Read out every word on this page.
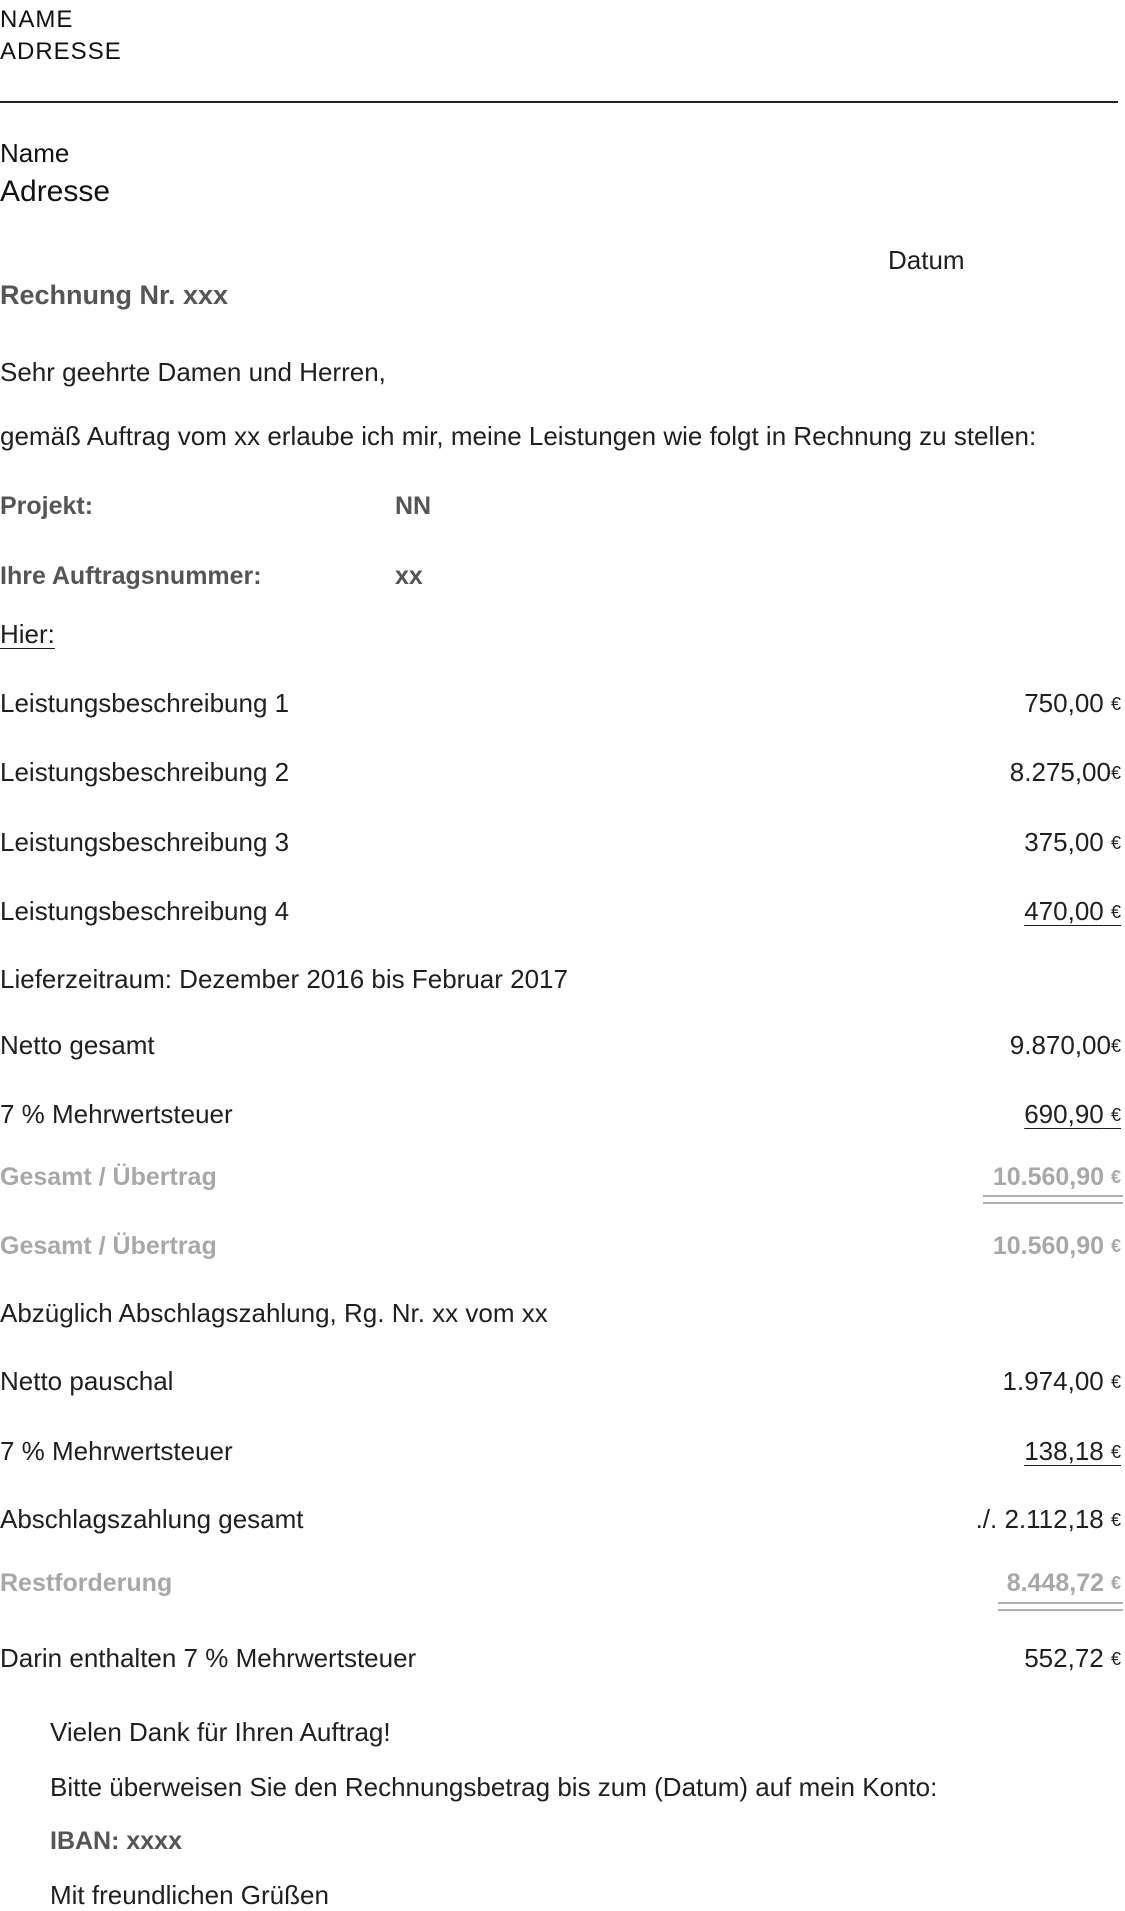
NAME
ADRESSE
Name
Adresse
Datum
Rechnung Nr. xxx
Sehr geehrte Damen und Herren,
gemäß Auftrag vom xx erlaube ich mir, meine Leistungen wie folgt in Rechnung zu stellen:
Projekt:	NN
Ihre Auftragsnummer:	xx
Hier:
Leistungsbeschreibung 1	750,00 €
Leistungsbeschreibung 2	8.275,00€
Leistungsbeschreibung 3	375,00 €
Leistungsbeschreibung 4	470,00 €
Lieferzeitraum: Dezember 2016 bis Februar 2017
Netto gesamt	9.870,00€
7 % Mehrwertsteuer	690,90 €
Gesamt / Übertrag	10.560,90 €
Gesamt / Übertrag	10.560,90 €
Abzüglich Abschlagszahlung, Rg. Nr. xx vom xx
Netto pauschal	1.974,00 €
7 % Mehrwertsteuer	138,18 €
Abschlagszahlung gesamt	./. 2.112,18 €
Restforderung	8.448,72 €
Darin enthalten 7 % Mehrwertsteuer	552,72 €
Vielen Dank für Ihren Auftrag!
Bitte überweisen Sie den Rechnungsbetrag bis zum (Datum) auf mein Konto:
IBAN: xxxx
Mit freundlichen Grüßen
